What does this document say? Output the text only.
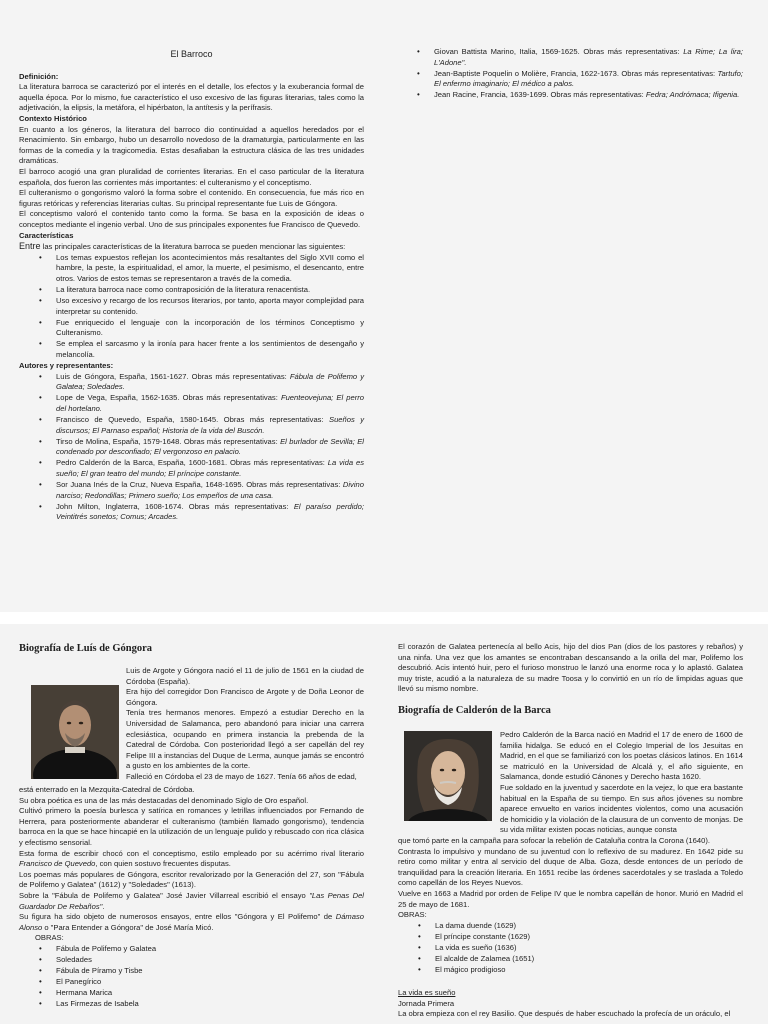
El Barroco
Definición:

La literatura barroca se caracterizó por el interés en el detalle, los efectos y la exuberancia formal de aquella época. Por lo mismo, fue característico el uso excesivo de las figuras literarias, tales como la adjetivación, la elipsis, la metáfora, el hipérbaton, la antítesis y la perífrasis.

Contexto Histórico

En cuanto a los géneros, la literatura del barroco dio continuidad a aquellos heredados por el Renacimiento. Sin embargo, hubo un desarrollo novedoso de la dramaturgia, particularmente en las formas de la comedia y la tragicomedia. Estas desafiaban la estructura clásica de las tres unidades dramáticas.

El barroco acogió una gran pluralidad de corrientes literarias. En el caso particular de la literatura española, dos fueron las corrientes más importantes: el culteranismo y el conceptismo.

El culteranismo o gongorismo valoró la forma sobre el contenido. En consecuencia, fue más rico en figuras retóricas y referencias literarias cultas. Su principal representante fue Luis de Góngora.

El conceptismo valoró el contenido tanto como la forma. Se basa en la exposición de ideas o conceptos mediante el ingenio verbal. Uno de sus principales exponentes fue Francisco de Quevedo.

Características

Entre las principales características de la literatura barroca se pueden mencionar las siguientes:

• Los temas expuestos reflejan los acontecimientos más resaltantes del Siglo XVII como el hambre, la peste, la espiritualidad, el amor, la muerte, el pesimismo, el desencanto, entre otros. Varios de estos temas se representaron a través de la comedia.
• La literatura barroca nace como contraposición de la literatura renacentista.
• Uso excesivo y recargo de los recursos literarios, por tanto, aporta mayor complejidad para interpretar su contenido.
• Fue enriquecido el lenguaje con la incorporación de los términos Conceptismo y Culteranismo.
• Se emplea el sarcasmo y la ironía para hacer frente a los sentimientos de desengaño y melancolía.
Autores y representantes:
• Luis de Góngora, España, 1561-1627. Obras más representativas: Fábula de Polifemo y Galatea; Soledades.
• Lope de Vega, España, 1562-1635. Obras más representativas: Fuenteovejuna; El perro del hortelano.
• Francisco de Quevedo, España, 1580-1645. Obras más representativas: Sueños y discursos; El Parnaso español; Historia de la vida del Buscón.
• Tirso de Molina, España, 1579-1648. Obras más representativas: El burlador de Sevilla; El condenado por desconfiado; El vergonzoso en palacio.
• Pedro Calderón de la Barca, España, 1600-1681. Obras más representativas: La vida es sueño; El gran teatro del mundo; El príncipe constante.
• Sor Juana Inés de la Cruz, Nueva España, 1648-1695. Obras más representativas: Divino narciso; Redondillas; Primero sueño; Los empeños de una casa.
• John Milton, Inglaterra, 1608-1674. Obras más representativas: El paraíso perdido; Veintitrés sonetos; Comus; Arcades.
• Giovan Battista Marino, Italia, 1569-1625. Obras más representativas: La Rime; La lira; L'Adone".
• Jean-Baptiste Poquelin o Molière, Francia, 1622-1673. Obras más representativas: Tartufo; El enfermo imaginario; El médico a palos.
• Jean Racine, Francia, 1639-1699. Obras más representativas: Fedra; Andrómaca; Ifigenia.
Biografía de Luís de Góngora

Luis de Argote y Góngora nació el 11 de julio de 1561 en la ciudad de Córdoba (España).

Era hijo del corregidor Don Francisco de Argote y de Doña Leonor de Góngora.

Tenía tres hermanos menores. Empezó a estudiar Derecho en la Universidad de Salamanca, pero abandonó para iniciar una carrera eclesiástica, ocupando en primera instancia la prebenda de la Catedral de Córdoba. Con posterioridad llegó a ser capellán del rey Felipe III a instancias del Duque de Lerma, aunque jamás se encontró a gusto en los ambientes de la corte.

Falleció en Córdoba el 23 de mayo de 1627. Tenía 66 años de edad,

está enterrado en la Mezquita-Catedral de Córdoba.

Su obra poética es una de las más destacadas del denominado Siglo de Oro español.

Cultivó primero la poesía burlesca y satírica en romances y letrillas influenciados por Fernando de Herrera, para posteriormente abanderar el culteranismo (también llamado gongorismo), tendencia barroca en la que se hace hincapié en la utilización de un lenguaje pulido y rebuscado con rica clásica y efectismo sensorial.

Esta forma de escribir chocó con el conceptismo, estilo empleado por su acérrimo rival literario Francisco de Quevedo, con quien sostuvo frecuentes disputas.

Los poemas más populares de Góngora, escritor revalorizado por la Generación del 27, son "Fábula de Polifemo y Galatea" (1612) y "Soledades" (1613).

Sobre la "Fábula de Polifemo y Galatea" José Javier Villarreal escribió el ensayo "Las Penas Del Guardador De Rebaños".

Su figura ha sido objeto de numerosos ensayos, entre ellos "Góngora y El Polifemo" de Dámaso Alonso o "Para Entender a Góngora" de José María Micó.

OBRAS:
• Fábula de Polifemo y Galatea
• Soledades
• Fábula de Píramo y Tisbe
• El Panegírico
• Hermana Marica
• Las Firmezas de Isabela

El corazón de Galatea pertenecía al bello Acis, hijo del dios Pan (dios de los pastores y rebaños) y una ninfa. Una vez que los amantes se encontraban descansando a la orilla del mar, Polifemo los descubrió. Acis intentó huir, pero el furioso monstruo le lanzó una enorme roca y lo aplastó. Galatea muy triste, acudió a la naturaleza de su madre Toosa y lo convirtió en un río de limpidas aguas que llevó su mismo nombre.

Biografía de Calderón de la Barca

Pedro Calderón de la Barca nació en Madrid el 17 de enero de 1600 de familia hidalga. Se educó en el Colegio Imperial de los Jesuitas en Madrid, en el que se familiarizó con los poetas clásicos latinos. En 1614 se matriculó en la Universidad de Alcalá y, el año siguiente, en Salamanca, donde estudió Cánones y Derecho hasta 1620.

Fue soldado en la juventud y sacerdote en la vejez, lo que era bastante habitual en la España de su tiempo. En sus años jóvenes su nombre aparece envuelto en varios incidentes violentos, como una acusación de homicidio y la violación de la clausura de un convento de monjas. De su vida militar existen pocas noticias, aunque consta

que tomó parte en la campaña para sofocar la rebelión de Cataluña contra la Corona (1640).

Contrasta lo impulsivo y mundano de su juventud con lo reflexivo de su madurez. En 1642 pide su retiro como militar y entra al servicio del duque de Alba. Goza, desde entonces de un período de tranquilidad para la creación literaria. En 1651 recibe las órdenes sacerdotales y se traslada a Toledo como capellán de los Reyes Nuevos.

Vuelve en 1663 a Madrid por orden de Felipe IV que le nombra capellán de honor. Murió en Madrid el 25 de mayo de 1681.

OBRAS:
• La dama duende (1629)
• El príncipe constante (1629)
• La vida es sueño (1636)
• El alcalde de Zalamea (1651)
• El mágico prodigioso
La vida es sueño
Jornada Primera

La obra empieza con el rey Basilio. Que después de haber escuchado la profecía de un oráculo, el
